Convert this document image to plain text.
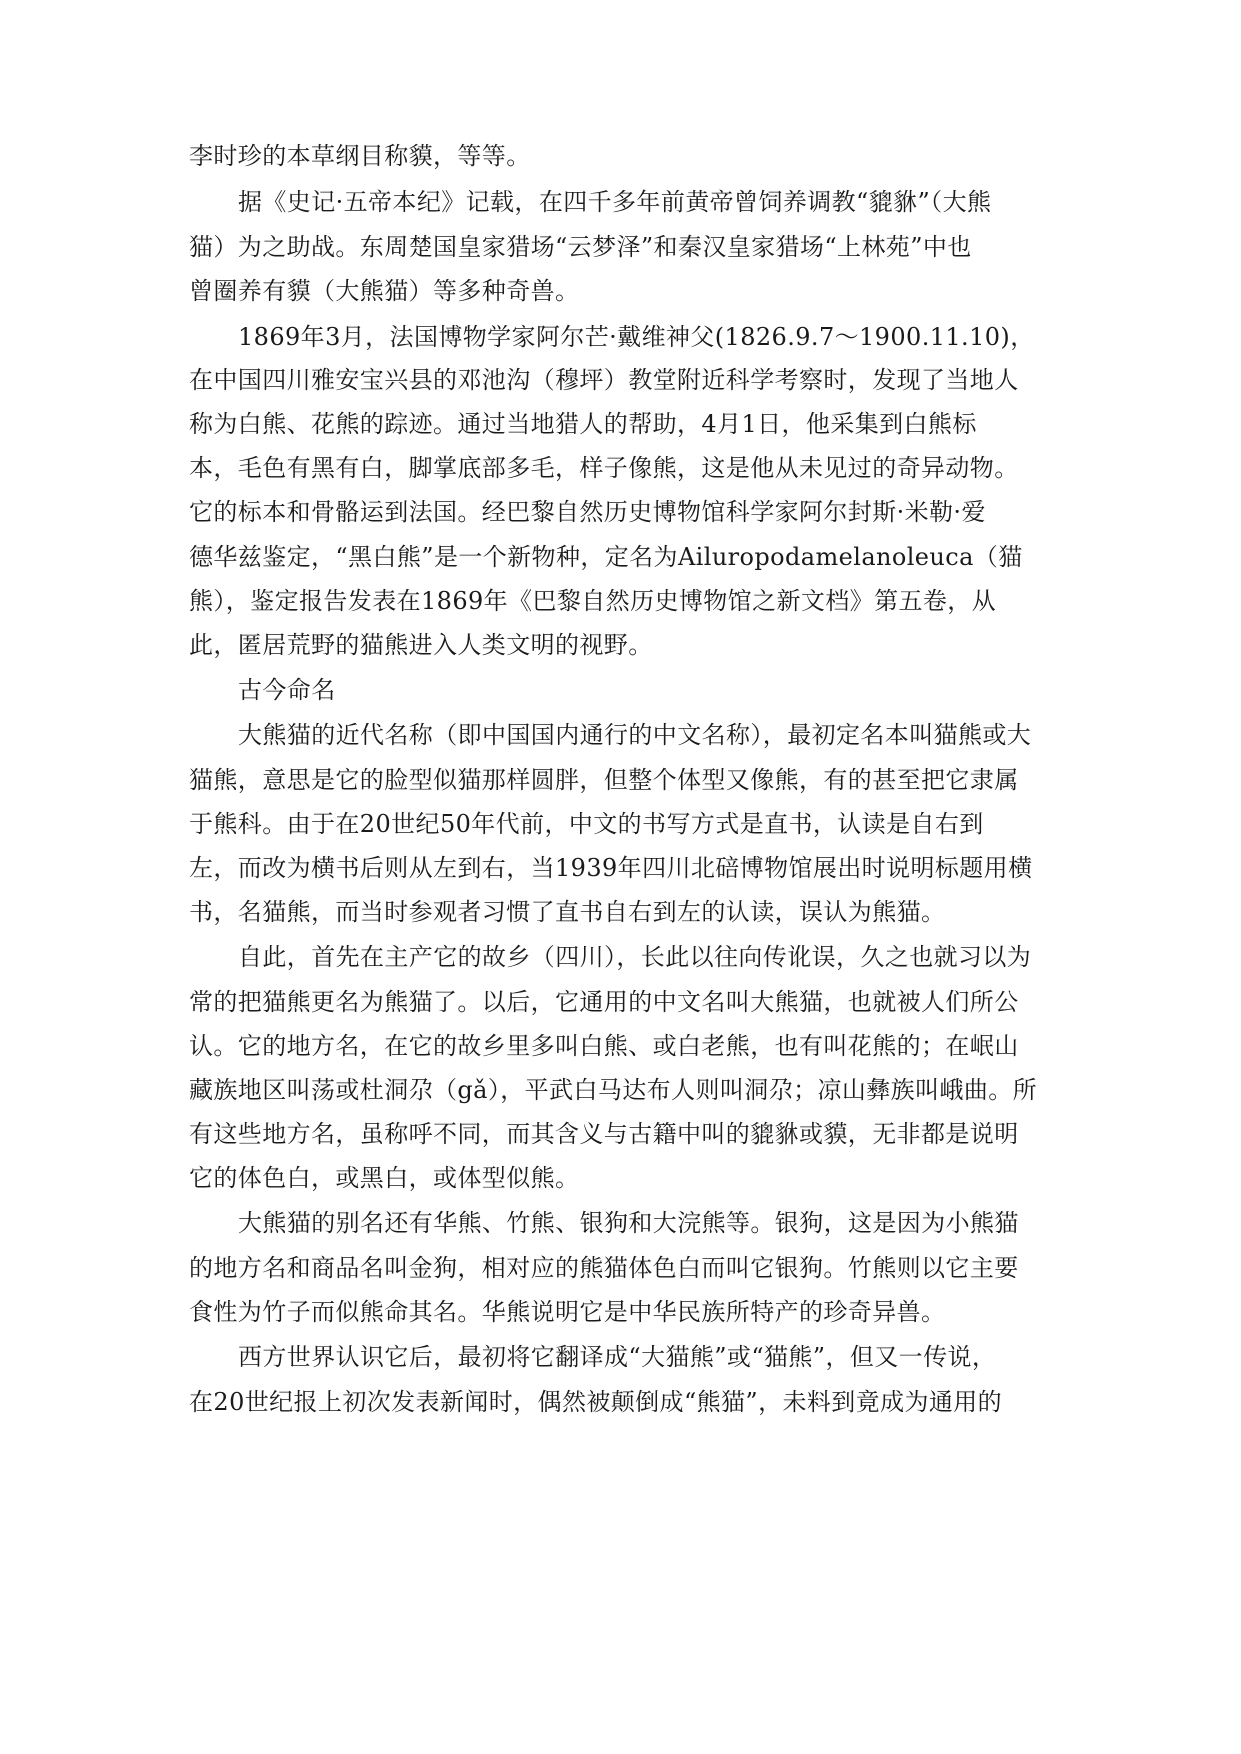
李时珍的本草纲目称貘，等等。

据《史记·五帝本纪》记载，在四千多年前黄帝曾饲养调教“貔貅”（大熊

猫）为之助战。东周楚国皇家猎场“云梦泽”和秦汉皇家猎场“上林苑”中也

曾圈养有貘（大熊猫）等多种奇兽。

1869年3月，法国博物学家阿尔芒·戴维神父(1826.9.7～1900.11.10)，

在中国四川雅安宝兴县的邓池沟（穆坪）教堂附近科学考察时，发现了当地人

称为白熊、花熊的踪迹。通过当地猎人的帮助，4月1日，他采集到白熊标

本，毛色有黑有白，脚掌底部多毛，样子像熊，这是他从未见过的奇异动物。

它的标本和骨骼运到法国。经巴黎自然历史博物馆科学家阿尔封斯·米勒·爱

德华兹鉴定，“黑白熊”是一个新物种，定名为Ailuropodamelanoleuca（猫

熊），鉴定报告发表在1869年《巴黎自然历史博物馆之新文档》第五卷，从

此，匿居荒野的猫熊进入人类文明的视野。

古今命名

大熊猫的近代名称（即中国国内通行的中文名称），最初定名本叫猫熊或大

猫熊，意思是它的脸型似猫那样圆胖，但整个体型又像熊，有的甚至把它隶属

于熊科。由于在20世纪50年代前，中文的书写方式是直书，认读是自右到

左，而改为横书后则从左到右，当1939年四川北碚博物馆展出时说明标题用横

书，名猫熊，而当时参观者习惯了直书自右到左的认读，误认为熊猫。

自此，首先在主产它的故乡（四川），长此以往向传讹误，久之也就习以为

常的把猫熊更名为熊猫了。以后，它通用的中文名叫大熊猫，也就被人们所公

认。它的地方名，在它的故乡里多叫白熊、或白老熊，也有叫花熊的；在岷山

藏族地区叫荡或杜洞尕（gǎ），平武白马达布人则叫洞尕；凉山彝族叫峨曲。所

有这些地方名，虽称呼不同，而其含义与古籍中叫的貔貅或貘，无非都是说明

它的体色白，或黑白，或体型似熊。

大熊猫的别名还有华熊、竹熊、银狗和大浣熊等。银狗，这是因为小熊猫

的地方名和商品名叫金狗，相对应的熊猫体色白而叫它银狗。竹熊则以它主要

食性为竹子而似熊命其名。华熊说明它是中华民族所特产的珍奇异兽。

西方世界认识它后，最初将它翻译成“大猫熊”或“猫熊”，但又一传说，

在20世纪报上初次发表新闻时，偶然被颠倒成“熊猫”，未料到竟成为通用的
